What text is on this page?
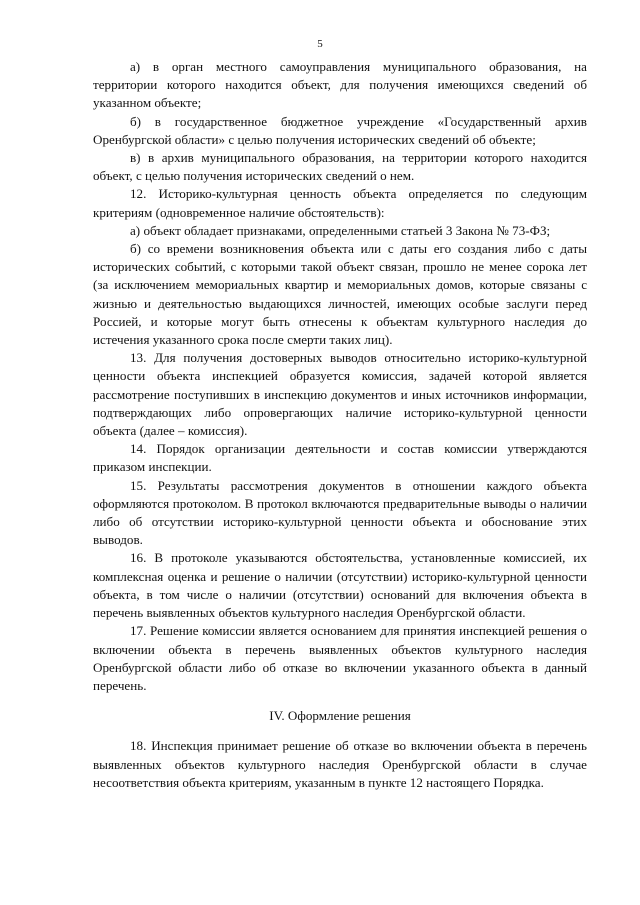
5

а) в орган местного самоуправления муниципального образования, на территории которого находится объект, для получения имеющихся сведений об указанном объекте;

б) в государственное бюджетное учреждение «Государственный архив Оренбургской области» с целью получения исторических сведений об объекте;

в) в архив муниципального образования, на территории которого находится объект, с целью получения исторических сведений о нем.

12. Историко-культурная ценность объекта определяется по следующим критериям (одновременное наличие обстоятельств):

а) объект обладает признаками, определенными статьей 3 Закона № 73-ФЗ;

б) со времени возникновения объекта или с даты его создания либо с даты исторических событий, с которыми такой объект связан, прошло не менее сорока лет (за исключением мемориальных квартир и мемориальных домов, которые связаны с жизнью и деятельностью выдающихся личностей, имеющих особые заслуги перед Россией, и которые могут быть отнесены к объектам культурного наследия до истечения указанного срока после смерти таких лиц).

13. Для получения достоверных выводов относительно историко-культурной ценности объекта инспекцией образуется комиссия, задачей которой является рассмотрение поступивших в инспекцию документов и иных источников информации, подтверждающих либо опровергающих наличие историко-культурной ценности объекта (далее – комиссия).

14. Порядок организации деятельности и состав комиссии утверждаются приказом инспекции.

15. Результаты рассмотрения документов в отношении каждого объекта оформляются протоколом. В протокол включаются предварительные выводы о наличии либо об отсутствии историко-культурной ценности объекта и обоснование этих выводов.

16. В протоколе указываются обстоятельства, установленные комиссией, их комплексная оценка и решение о наличии (отсутствии) историко-культурной ценности объекта, в том числе о наличии (отсутствии) оснований для включения объекта в перечень выявленных объектов культурного наследия Оренбургской области.

17. Решение комиссии является основанием для принятия инспекцией решения о включении объекта в перечень выявленных объектов культурного наследия Оренбургской области либо об отказе во включении указанного объекта в данный перечень.

IV. Оформление решения

18. Инспекция принимает решение об отказе во включении объекта в перечень выявленных объектов культурного наследия Оренбургской области в случае несоответствия объекта критериям, указанным в пункте 12 настоящего Порядка.
